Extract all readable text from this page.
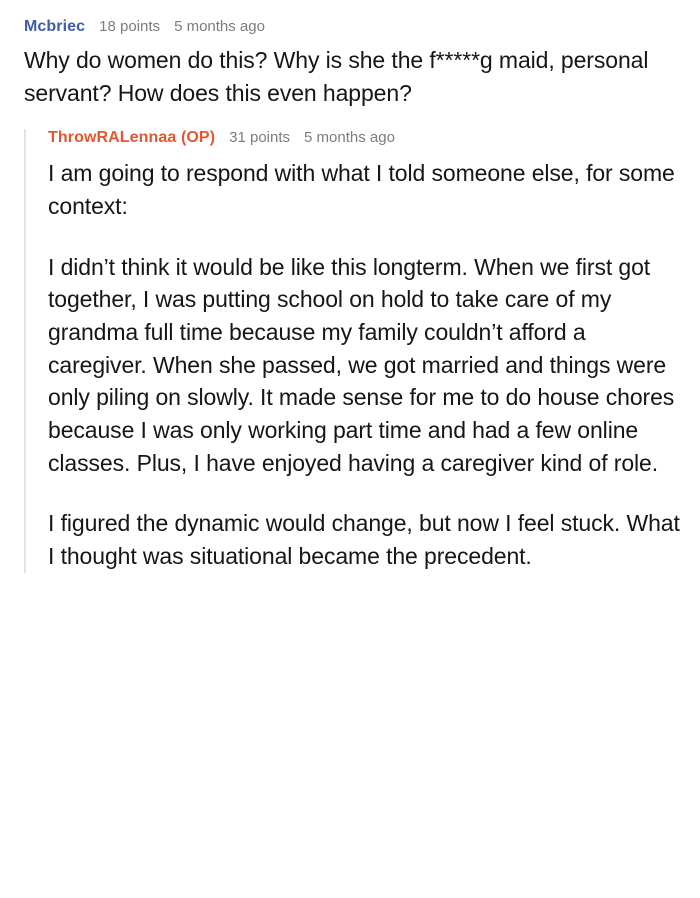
Mcbriec 18 points 5 months ago

Why do women do this? Why is she the f*****g maid, personal servant? How does this even happen?

ThrowRALennaa (OP) 31 points 5 months ago

I am going to respond with what I told someone else, for some context:

I didn’t think it would be like this longterm. When we first got together, I was putting school on hold to take care of my grandma full time because my family couldn’t afford a caregiver. When she passed, we got married and things were only piling on slowly. It made sense for me to do house chores because I was only working part time and had a few online classes. Plus, I have enjoyed having a caregiver kind of role.

I figured the dynamic would change, but now I feel stuck. What I thought was situational became the precedent.
